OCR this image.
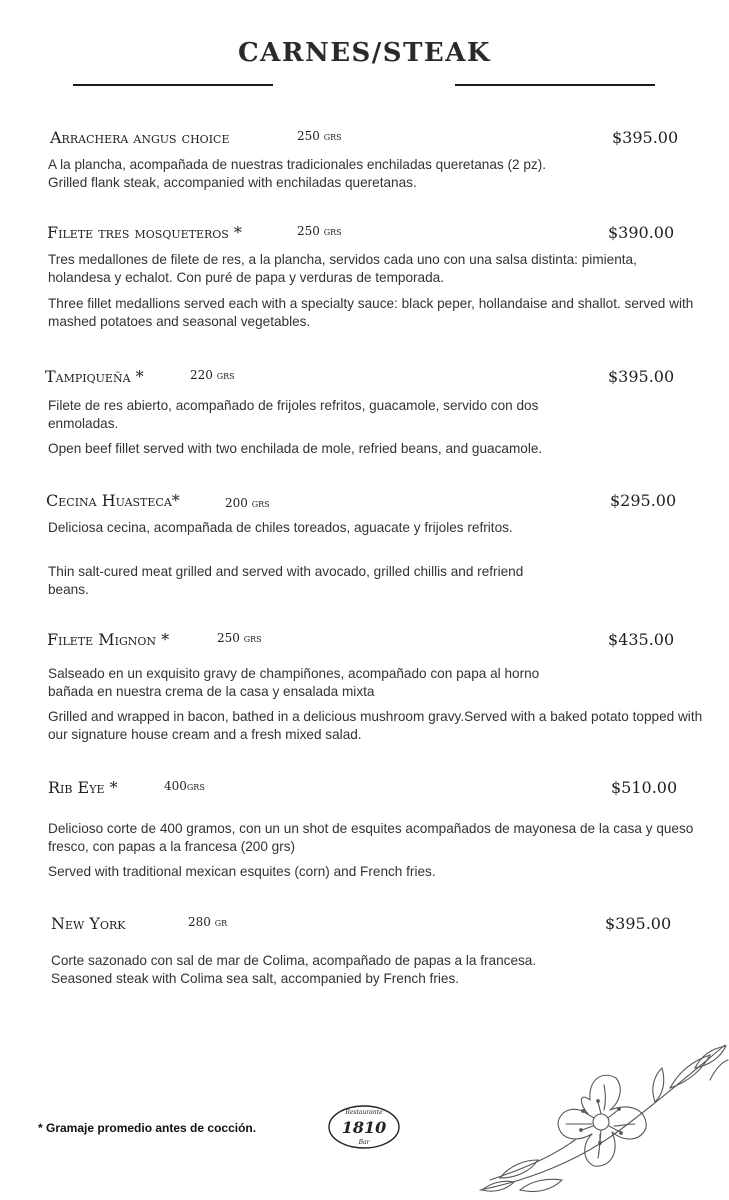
CARNES/STEAK
Arrachera angus choice	250 grs	$395.00
A la plancha, acompañada de nuestras tradicionales enchiladas queretanas (2 pz).
Grilled flank steak, accompanied with enchiladas queretanas.
Filete tres mosqueteros *	250 grs	$390.00
Tres medallones de filete de res, a la plancha, servidos cada uno con una salsa distinta: pimienta, holandesa y echalot. Con puré de papa y verduras de temporada.
Three fillet medallions served each with a specialty sauce: black peper, hollandaise and shallot. served with mashed potatoes and seasonal vegetables.
Tampiqueña *	220 grs	$395.00
Filete de res abierto, acompañado de frijoles refritos, guacamole, servido con dos enmoladas.
Open beef fillet served with two enchilada de mole, refried beans, and guacamole.
Cecina Huasteca*	200 grs	$295.00
Deliciosa cecina, acompañada de chiles toreados, aguacate y frijoles refritos.
Thin salt-cured meat grilled and served with avocado, grilled chillis and refriend beans.
Filete Mignon *	250 grs	$435.00
Salseado en un exquisito gravy de champiñones, acompañado con papa al horno bañada en nuestra crema de la casa y ensalada mixta
Grilled and wrapped in bacon, bathed in a delicious mushroom gravy.Served with a baked potato topped with our signature house cream and a fresh mixed salad.
Rib Eye *	400grs	$510.00
Delicioso corte de 400 gramos, con un un shot de esquites acompañados de mayonesa de la casa y queso fresco, con papas a la francesa (200 grs)
Served with traditional mexican esquites (corn) and French fries.
New York	280 gr	$395.00
Corte sazonado con sal de mar de Colima, acompañado de papas a la francesa.
Seasoned steak with Colima sea salt, accompanied by French fries.
* Gramaje promedio antes de cocción.
Restaurante
1810
Bar
